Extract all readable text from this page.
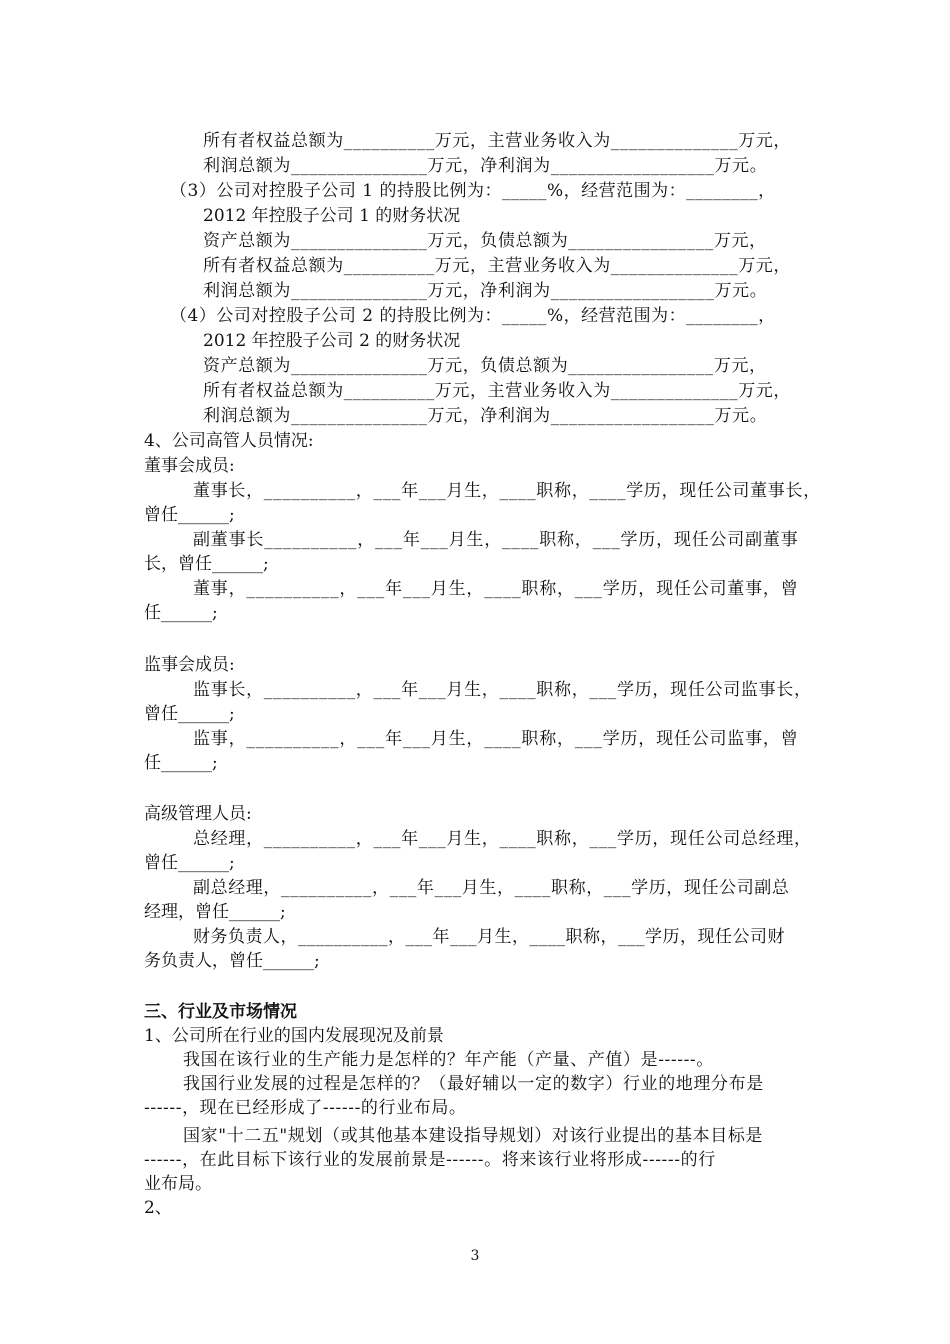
所有者权益总额为__________万元，主营业务收入为______________万元，
利润总额为_______________万元，净利润为__________________万元。
（3）公司对控股子公司 1 的持股比例为：_____%，经营范围为：________，
2012 年控股子公司 1 的财务状况
资产总额为_______________万元，负债总额为________________万元，
所有者权益总额为__________万元，主营业务收入为______________万元，
利润总额为_______________万元，净利润为__________________万元。
（4）公司对控股子公司 2 的持股比例为：_____%，经营范围为：________，
2012 年控股子公司 2 的财务状况
资产总额为_______________万元，负债总额为________________万元，
所有者权益总额为__________万元，主营业务收入为______________万元，
利润总额为_______________万元，净利润为__________________万元。
4、公司高管人员情况:
董事会成员:
董事长，__________，___年___月生，____职称，____学历，现任公司董事长，
曾任______;
副董事长__________，___年___月生，____职称，___学历，现任公司副董事
长，曾任______;
董事，__________，___年___月生，____职称，___学历，现任公司董事，曾
任______;
监事会成员:
监事长，__________，___年___月生，____职称，___学历，现任公司监事长，
曾任______;
监事，__________，___年___月生，____职称，___学历，现任公司监事，曾
任______;
高级管理人员:
总经理，__________，___年___月生，____职称，___学历，现任公司总经理，
曾任______;
副总经理，__________，___年___月生，____职称，___学历，现任公司副总
经理，曾任______;
财务负责人，__________，___年___月生，____职称，___学历，现任公司财
务负责人，曾任______;
三、行业及市场情况
1、公司所在行业的国内发展现况及前景
我国在该行业的生产能力是怎样的？年产能（产量、产值）是------。
我国行业发展的过程是怎样的？（最好辅以一定的数字）行业的地理分布是
------，现在已经形成了------的行业布局。
国家"十二五"规划（或其他基本建设指导规划）对该行业提出的基本目标是
------，在此目标下该行业的发展前景是------。将来该行业将形成------的行
业布局。
2、
3
